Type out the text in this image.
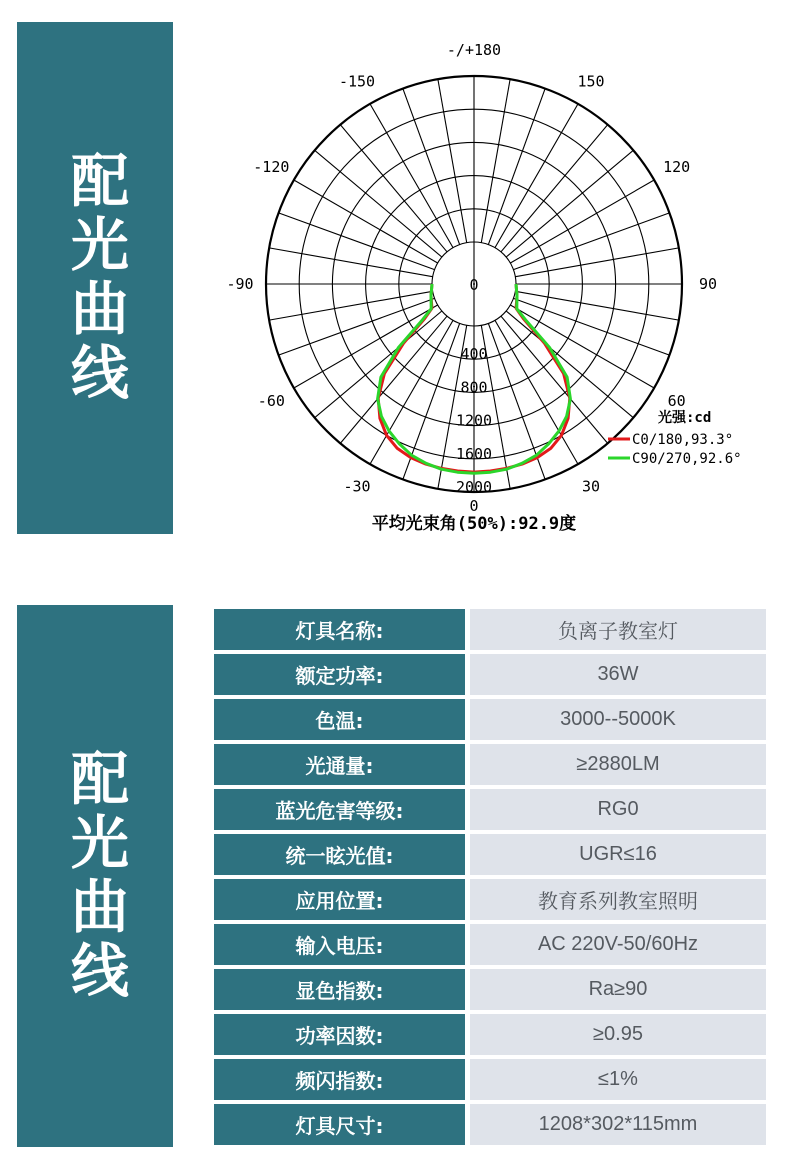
配光曲线	0
400
800
1200
1600
2000
-/+180
-150	150
-120	120
-90	90
-60	60
-30	30
0
光强:cd
C0/180,93.3°
C90/270,92.6°
平均光束角(50%):92.9度
配光曲线
灯具名称:		负离子教室灯
额定功率:		36W
色温:		3000--5000K
光通量:		≥2880LM
蓝光危害等级:		RG0
统一眩光值:		UGR≤16
应用位置:		教育系列教室照明
输入电压:		AC 220V-50/60Hz
显色指数:		Ra≥90
功率因数:		≥0.95
频闪指数:		≤1%
灯具尺寸:		1208*302*115mm
